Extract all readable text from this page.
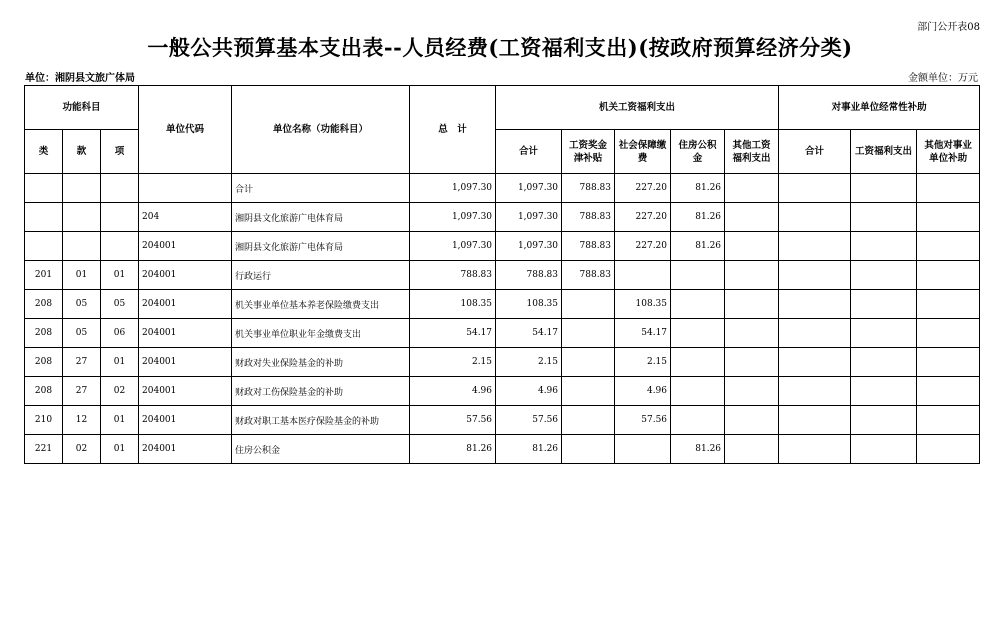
部门公开表08
一般公共预算基本支出表--人员经费(工资福利支出)(按政府预算经济分类)
单位：湘阴县文旅广体局	金额单位：万元
功能科目			单位代码	单位名称（功能科目）	总　计	机关工资福利支出					对事业单位经常性补助		
类	款	项				合计	工资奖金津补贴	社会保障缴费	住房公积金	其他工资福利支出	合计	工资福利支出	其他对事业单位补助
				合计	1,097.30	1,097.30	788.83	227.20	81.26				
			204	湘阴县文化旅游广电体育局	1,097.30	1,097.30	788.83	227.20	81.26				
			204001	湘阴县文化旅游广电体育局	1,097.30	1,097.30	788.83	227.20	81.26				
201	01	01	204001	行政运行	788.83	788.83	788.83						
208	05	05	204001	机关事业单位基本养老保险缴费支出	108.35	108.35		108.35					
208	05	06	204001	机关事业单位职业年金缴费支出	54.17	54.17		54.17					
208	27	01	204001	财政对失业保险基金的补助	2.15	2.15		2.15					
208	27	02	204001	财政对工伤保险基金的补助	4.96	4.96		4.96					
210	12	01	204001	财政对职工基本医疗保险基金的补助	57.56	57.56		57.56					
221	02	01	204001	住房公积金	81.26	81.26			81.26				
